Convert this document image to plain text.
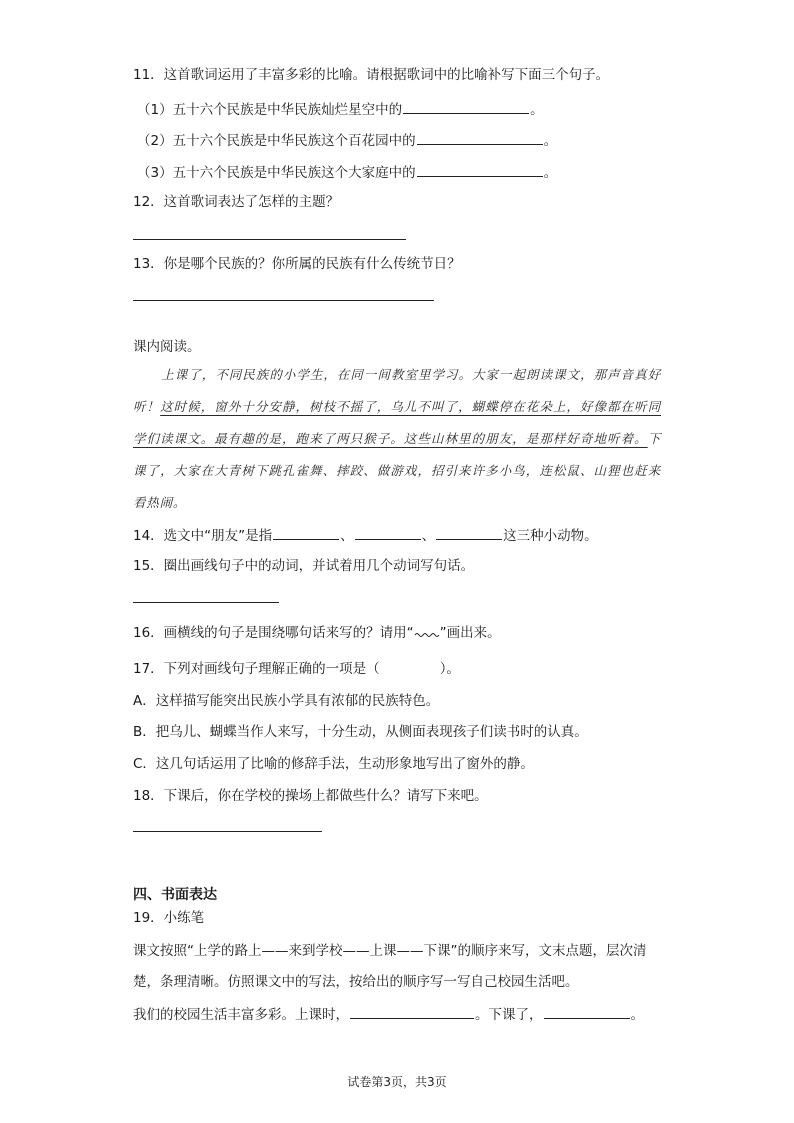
11．这首歌词运用了丰富多彩的比喻。请根据歌词中的比喻补写下面三个句子。
（1）五十六个民族是中华民族灿烂星空中的	。
（2）五十六个民族是中华民族这个百花园中的	。
（3）五十六个民族是中华民族这个大家庭中的	。
12．这首歌词表达了怎样的主题？
13．你是哪个民族的？你所属的民族有什么传统节日？
课内阅读。
上课了，不同民族的小学生，在同一间教室里学习。大家一起朗读课文，那声音真好听！这时候，窗外十分安静，树枝不摇了，乌儿不叫了，蝴蝶停在花朵上，好像都在听同学们读课文。最有趣的是，跑来了两只猴子。这些山林里的朋友，是那样好奇地听着。下课了，大家在大青树下跳孔雀舞、摔跤、做游戏，招引来许多小鸟，连松鼠、山狸也赶来看热闹。
14．选文中“朋友”是指	、	、	这三种小动物。
15．圈出画线句子中的动词，并试着用几个动词写句话。
16．画横线的句子是围绕哪句话来写的？请用“ ”画出来。
17．下列对画线句子理解正确的一项是（	）。
A．这样描写能突出民族小学具有浓郁的民族特色。
B．把乌儿、蝴蝶当作人来写，十分生动，从侧面表现孩子们读书时的认真。
C．这几句话运用了比喻的修辞手法，生动形象地写出了窗外的静。
18．下课后，你在学校的操场上都做些什么？请写下来吧。
四、书面表达
19．小练笔
课文按照“上学的路上——来到学校——上课——下课”的顺序来写，文末点题，层次清
楚，条理清晰。仿照课文中的写法，按给出的顺序写一写自己校园生活吧。
我们的校园生活丰富多彩。上课时，	。下课了，	。
试卷第3页，共3页
